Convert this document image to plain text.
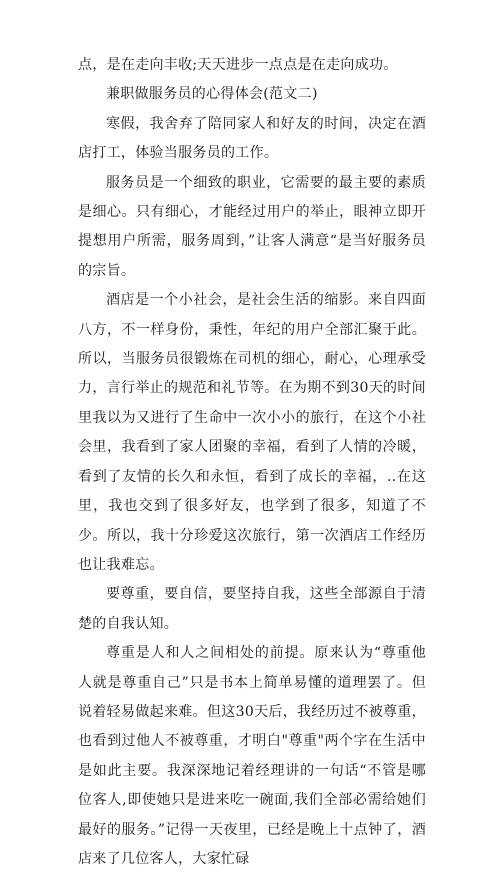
点，是在走向丰收;天天进步一点点是在走向成功。

兼职做服务员的心得体会(范文二)

寒假，我舍弃了陪同家人和好友的时间，决定在酒店打工，体验当服务员的工作。

服务员是一个细致的职业，它需要的最主要的素质是细心。只有细心，才能经过用户的举止，眼神立即开提想用户所需，服务周到，”让客人满意“是当好服务员的宗旨。

酒店是一个小社会，是社会生活的缩影。来自四面八方，不一样身份，秉性，年纪的用户全部汇聚于此。所以，当服务员很锻炼在司机的细心，耐心，心理承受力，言行举止的规范和礼节等。在为期不到30天的时间里我以为又进行了生命中一次小小的旅行，在这个小社会里，我看到了家人团聚的幸福，看到了人情的冷暖，看到了友情的长久和永恒，看到了成长的幸福，..在这里，我也交到了很多好友，也学到了很多，知道了不少。所以，我十分珍爱这次旅行，第一次酒店工作经历也让我难忘。

要尊重，要自信，要坚持自我，这些全部源自于清楚的自我认知。

尊重是人和人之间相处的前提。原来认为“尊重他人就是尊重自己”只是书本上简单易懂的道理罢了。但说着轻易做起来难。但这30天后，我经历过不被尊重，也看到过他人不被尊重，才明白"尊重"两个字在生活中是如此主要。我深深地记着经理讲的一句话“不管是哪位客人,即使她只是进来吃一碗面,我们全部必需给她们最好的服务。”记得一天夜里，已经是晚上十点钟了，酒店来了几位客人，大家忙碌
